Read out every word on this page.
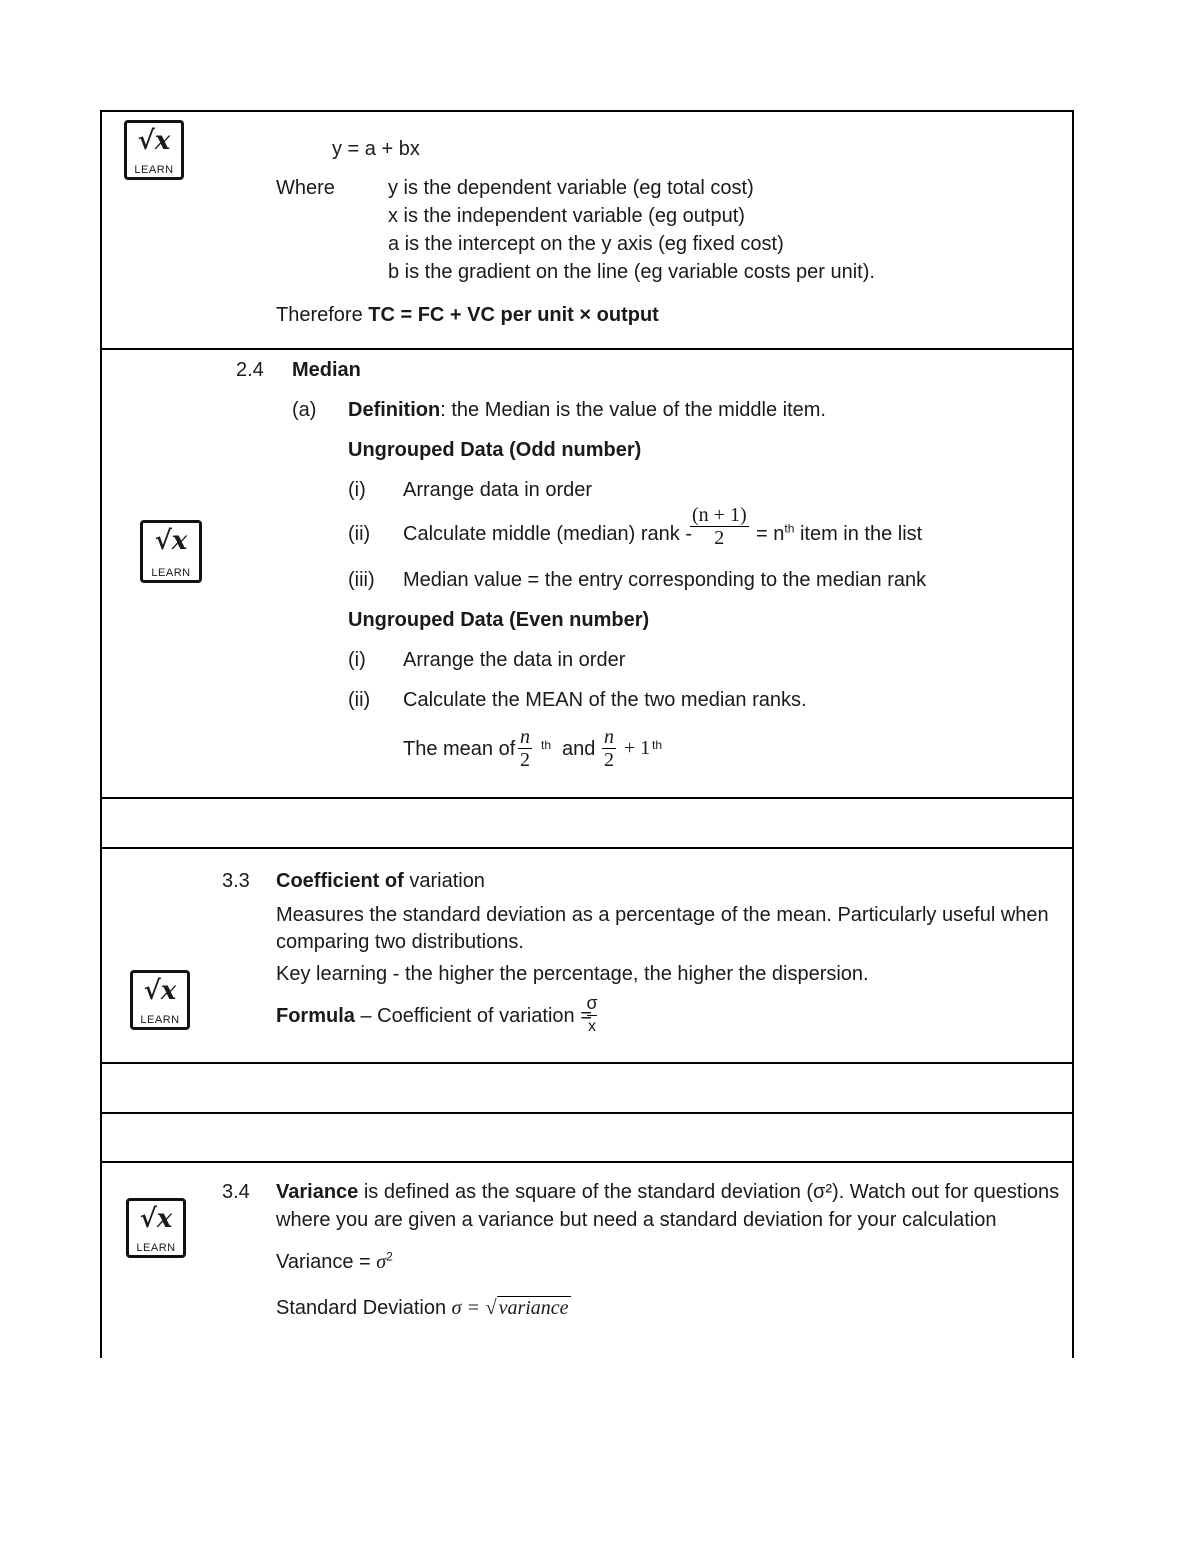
√x
LEARN
√x
LEARN
√x
LEARN
√x
LEARN
y = a + bx
Where	y is the dependent variable (eg total cost)
x is the independent variable (eg output)
a is the intercept on the y axis (eg fixed cost)
b is the gradient on the line (eg variable costs per unit).
Therefore TC = FC + VC per unit × output
2.4 Median
(a) Definition: the Median is the value of the middle item.
Ungrouped Data (Odd number)
(i) Arrange data in order
(ii) Calculate middle (median) rank -
$\frac{(n + 1)}{2} = n^{th}$ item in the list
(iii) Median value = the entry corresponding to the median rank
Ungrouped Data (Even number)
(i) Arrange the data in order
(ii) Calculate the MEAN of the two median ranks.
The mean of $\frac{n}{2}$ th and $\frac{n}{2} + 1$ th
3.3 Coefficient of variation
Measures the standard deviation as a percentage of the mean. Particularly useful when
comparing two distributions.
Key learning - the higher the percentage, the higher the dispersion.
Formula – Coefficient of variation =
σ
x
3.4 Variance is defined as the square of the standard deviation (σ²). Watch out for questions
where you are given a variance but need a standard deviation for your calculation
Variance = $\sigma^2$
Standard Deviation σ = √ variance
